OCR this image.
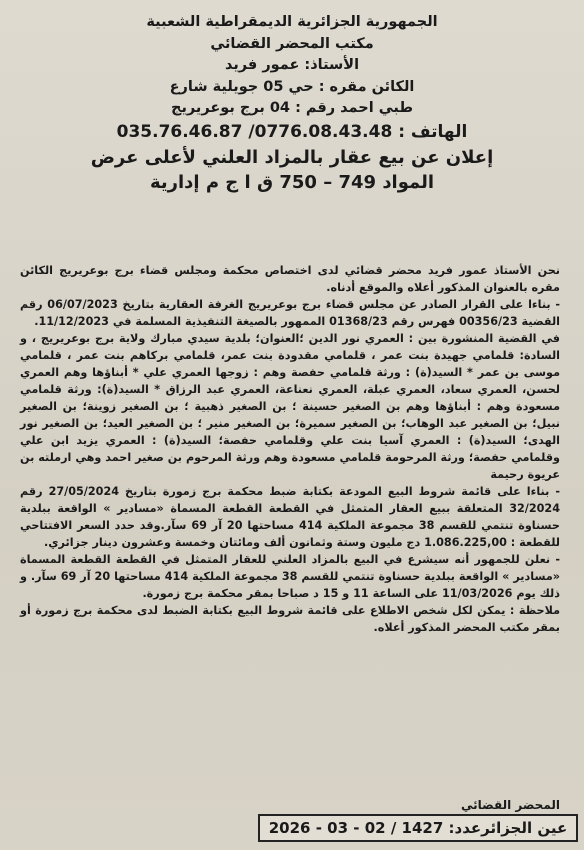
الجمهورية الجزائرية الديمقراطية الشعبية
مكتب المحضر القضائي
الأستاذ: عمور فريد
الكائن مقره : حي 05 جويلية شارع
طبي احمد رقم : 04 برج بوعريريج
الهاتف : 0776.08.43.48/ 035.76.46.87
إعلان عن بيع عقار بالمزاد العلني لأعلى عرض
المواد 749 – 750 ق ا ج م إدارية

نحن الأستاذ عمور فريد محضر قضائي لدى اختصاص محكمة ومجلس قضاء برج بوعريريج الكائن مقره بالعنوان المذكور أعلاه والموقع أدناه.

- بناءا على القرار الصادر عن مجلس قضاء برج بوعريريج الغرفة العقارية بتاريخ 06/07/2023 رقم القضية 00356/23 فهرس رقم 01368/23 الممهور بالصيغة التنفيذية المسلمة في 11/12/2023.

في القضية المنشورة بين : العمري نور الدين ؛العنوان؛ بلدية سيدي مبارك ولاية برج بوعريريج ، و السادة: قلمامي جهيدة بنت عمر ، قلمامي مقدودة بنت عمر، قلمامي بركاهم بنت عمر ، قلمامي موسى بن عمر * السيد(ة) : ورثة قلمامي حفصة وهم : زوجها العمري علي * أبناؤها وهم العمري لحسن، العمري سعاد، العمري عبلة، العمري نعناعة، العمري عبد الرزاق * السيد(ة): ورثة قلمامي مسعودة وهم : أبناؤها وهم بن الصغير حسينة ؛ بن الصغير ذهبية ؛ بن الصغير زوينة؛ بن الصغير نبيل؛ بن الصغير عبد الوهاب؛ بن الصغير سميرة؛ بن الصغير منير ؛ بن الصغير العيد؛ بن الصغير نور الهدى؛ السيد(ة) : العمري آسيا بنت علي وقلمامي حفصة؛ السيد(ة) : العمري يزيد ابن علي وقلمامي حفصة؛ ورثة المرحومة قلمامي مسعودة وهم ورثة المرحوم بن صغير احمد وهي ارملته بن عريوة رحيمة

- بناءا على قائمة شروط البيع المودعة بكتابة ضبط محكمة برج زمورة بتاريخ 27/05/2024 رقم 32/2024 المتعلقة ببيع العقار المتمثل في القطعة القطعة المسماة «مسادير » الواقعة ببلدية حسناوة تنتمي للقسم 38 مجموعة الملكية 414 مساحتها 20 آر 69 سآر.وقد حدد السعر الافتتاحي للقطعة : 1.086.225,00 دج مليون وستة وثمانون ألف ومائتان وخمسة وعشرون دينار جزائري.

- نعلن للجمهور أنه سيشرع في البيع بالمزاد العلني للعقار المتمثل في القطعة القطعة المسماة «مسادير » الواقعة ببلدية حسناوة تنتمي للقسم 38 مجموعة الملكية 414 مساحتها 20 آر 69 سآر. و ذلك يوم 11/03/2026 على الساعة 11 و 15 د صباحا بمقر محكمة برج زمورة.

ملاحظة : يمكن لكل شخص الاطلاع على قائمة شروط البيع بكتابة الضبط لدى محكمة برج زمورة أو بمقر مكتب المحضر المذكور أعلاه.

المحضر القضائي
عين الجزائرعدد: 1427 / 02 - 03 - 2026
